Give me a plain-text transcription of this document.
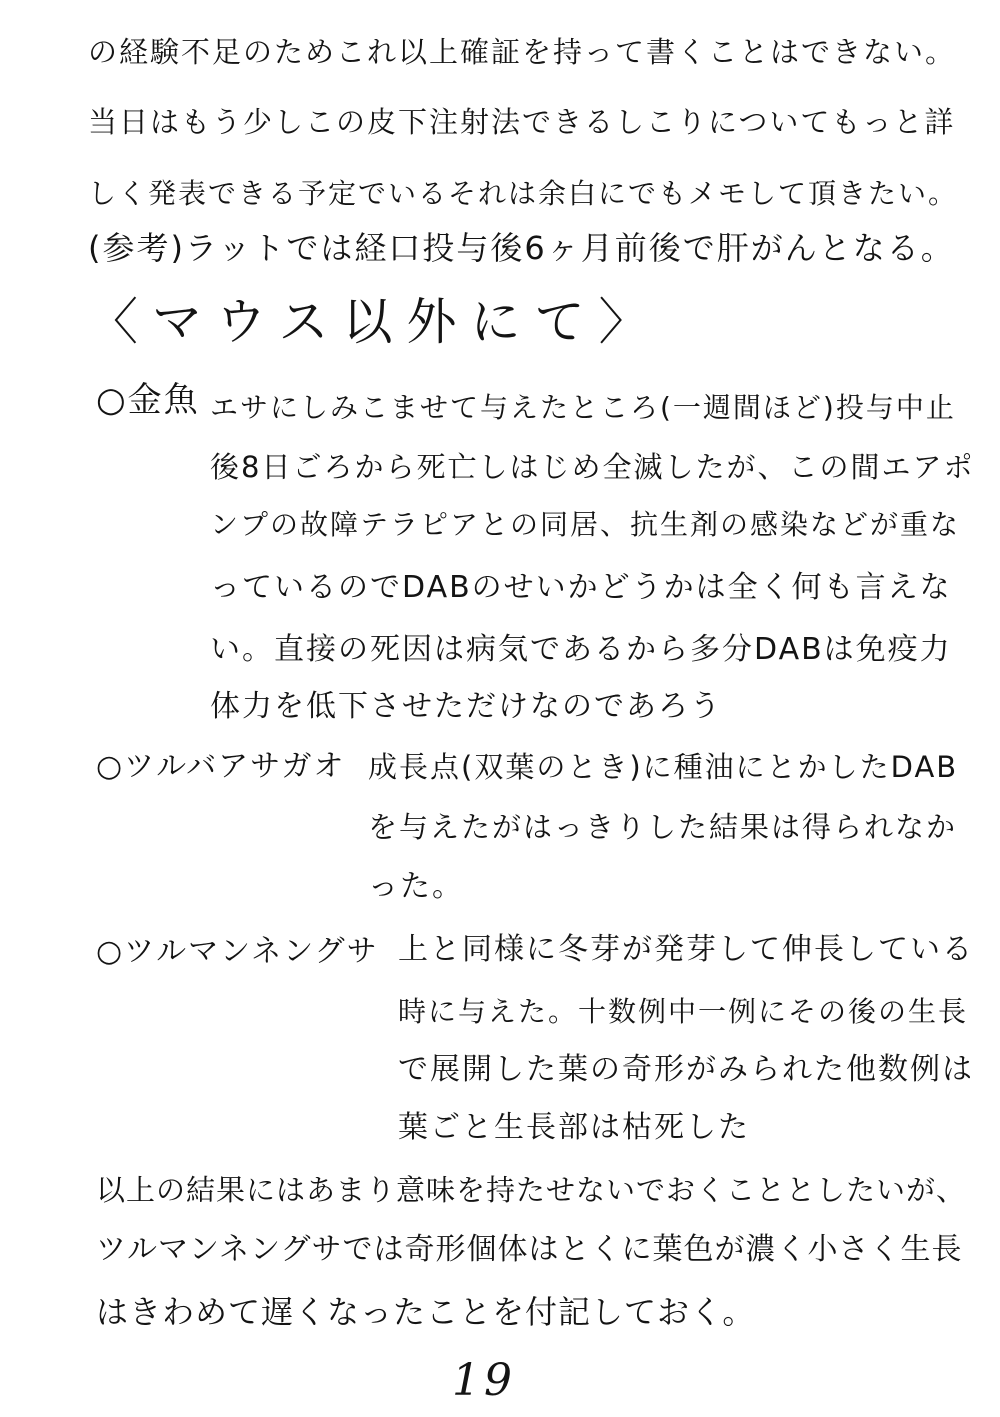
の経験不足のためこれ以上確証を持って書くことはできない。
当日はもう少しこの皮下注射法できるしこりについてもっと詳
しく発表できる予定でいるそれは余白にでもメモして頂きたい。
(参考)ラットでは経口投与後6ヶ月前後で肝がんとなる。
〈マウス以外にて〉
○金魚 エサにしみこませて与えたところ(一週間ほど)投与中止
後8日ごろから死亡しはじめ全滅したが、この間エアポ
ンプの故障テラピアとの同居、抗生剤の感染などが重な
っているのでDABのせいかどうかは全く何も言えな
い。直接の死因は病気であるから多分DABは免疫力
体力を低下させただけなのであろう
○ツルバアサガオ 成長点(双葉のとき)に種油にとかしたDAB
を与えたがはっきりした結果は得られなか
った。
○ツルマンネングサ 上と同様に冬芽が発芽して伸長している
時に与えた。十数例中一例にその後の生長
で展開した葉の奇形がみられた他数例は
葉ごと生長部は枯死した
以上の結果にはあまり意味を持たせないでおくこととしたいが、
ツルマンネングサでは奇形個体はとくに葉色が濃く小さく生長
はきわめて遅くなったことを付記しておく。
19
